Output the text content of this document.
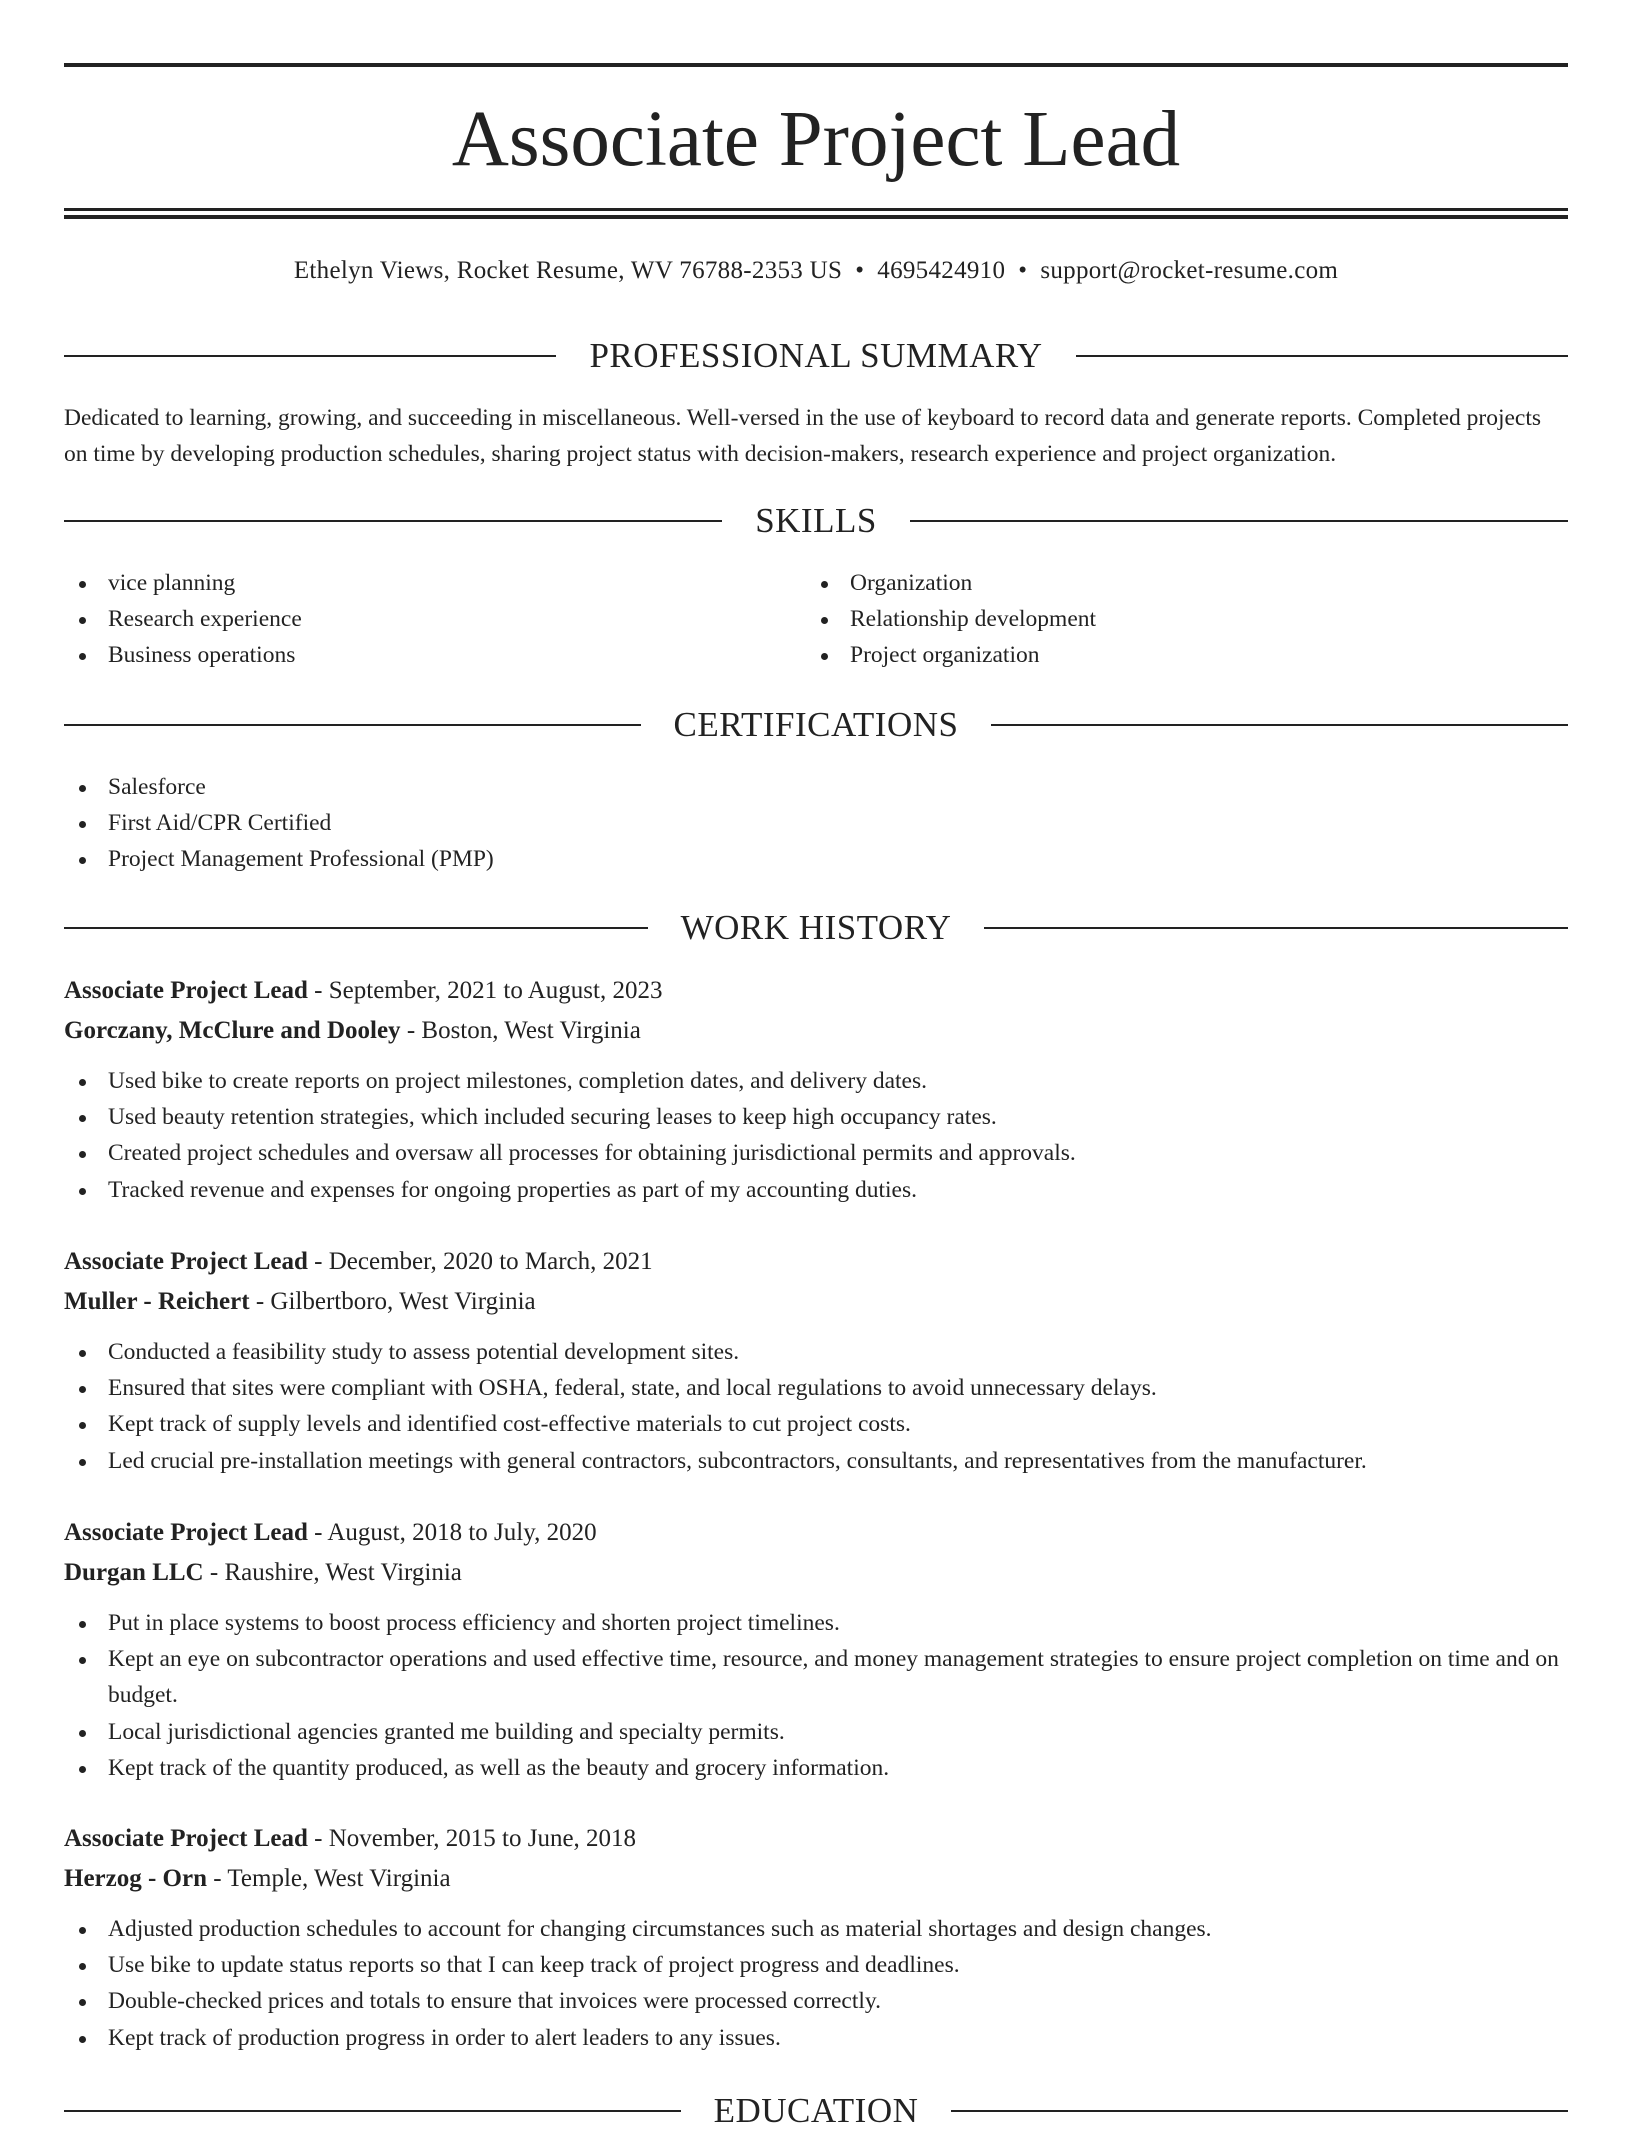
Associate Project Lead
Ethelyn Views, Rocket Resume, WV 76788-2353 US • 4695424910 • support@rocket-resume.com
PROFESSIONAL SUMMARY

Dedicated to learning, growing, and succeeding in miscellaneous. Well-versed in the use of keyboard to record data and generate reports. Completed projects on time by developing production schedules, sharing project status with decision-makers, research experience and project organization.

SKILLS
vice planning
Research experience
Business operations
Organization
Relationship development
Project organization
CERTIFICATIONS
Salesforce
First Aid/CPR Certified
Project Management Professional (PMP)
WORK HISTORY
Associate Project Lead - September, 2021 to August, 2023
Gorczany, McClure and Dooley - Boston, West Virginia
Used bike to create reports on project milestones, completion dates, and delivery dates.
Used beauty retention strategies, which included securing leases to keep high occupancy rates.
Created project schedules and oversaw all processes for obtaining jurisdictional permits and approvals.
Tracked revenue and expenses for ongoing properties as part of my accounting duties.
Associate Project Lead - December, 2020 to March, 2021
Muller - Reichert - Gilbertboro, West Virginia
Conducted a feasibility study to assess potential development sites.
Ensured that sites were compliant with OSHA, federal, state, and local regulations to avoid unnecessary delays.
Kept track of supply levels and identified cost-effective materials to cut project costs.
Led crucial pre-installation meetings with general contractors, subcontractors, consultants, and representatives from the manufacturer.
Associate Project Lead - August, 2018 to July, 2020
Durgan LLC - Raushire, West Virginia
Put in place systems to boost process efficiency and shorten project timelines.
Kept an eye on subcontractor operations and used effective time, resource, and money management strategies to ensure project completion on time and on budget.
Local jurisdictional agencies granted me building and specialty permits.
Kept track of the quantity produced, as well as the beauty and grocery information.
Associate Project Lead - November, 2015 to June, 2018
Herzog - Orn - Temple, West Virginia
Adjusted production schedules to account for changing circumstances such as material shortages and design changes.
Use bike to update status reports so that I can keep track of project progress and deadlines.
Double-checked prices and totals to ensure that invoices were processed correctly.
Kept track of production progress in order to alert leaders to any issues.
EDUCATION
